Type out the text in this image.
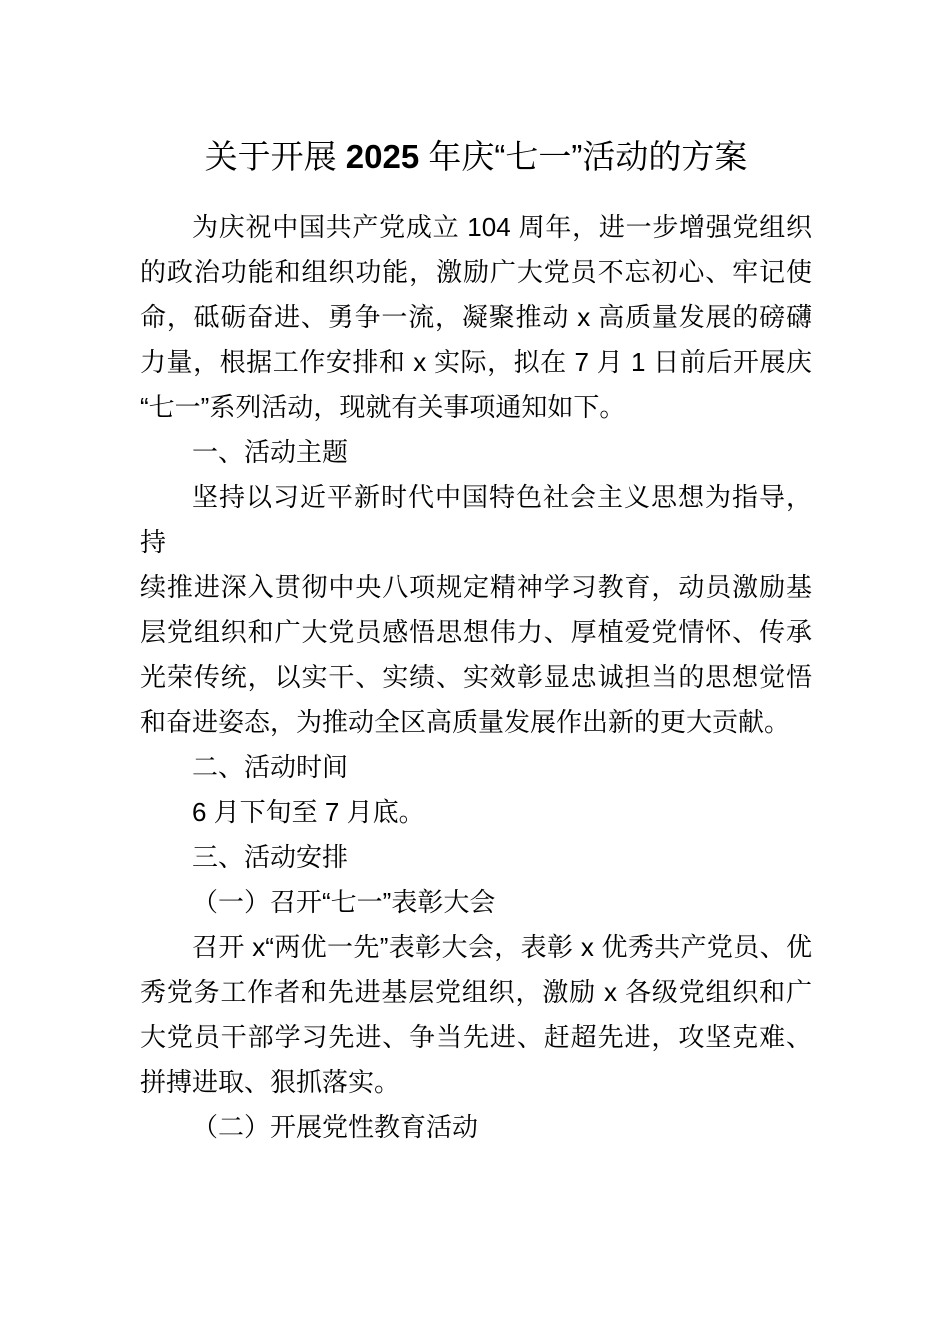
关于开展 2025 年庆“七一”活动的方案
为庆祝中国共产党成立 104 周年，进一步增强党组织
的政治功能和组织功能，激励广大党员不忘初心、牢记使
命，砥砺奋进、勇争一流，凝聚推动 x 高质量发展的磅礴
力量，根据工作安排和 x 实际，拟在 7 月 1 日前后开展庆
“七一”系列活动，现就有关事项通知如下。
一、活动主题
坚持以习近平新时代中国特色社会主义思想为指导，持
续推进深入贯彻中央八项规定精神学习教育，动员激励基
层党组织和广大党员感悟思想伟力、厚植爱党情怀、传承
光荣传统，以实干、实绩、实效彰显忠诚担当的思想觉悟
和奋进姿态，为推动全区高质量发展作出新的更大贡献。
二、活动时间
6 月下旬至 7 月底。
三、活动安排
（一）召开“七一”表彰大会
召开 x“两优一先”表彰大会，表彰 x 优秀共产党员、优
秀党务工作者和先进基层党组织，激励 x 各级党组织和广
大党员干部学习先进、争当先进、赶超先进，攻坚克难、
拼搏进取、狠抓落实。
（二）开展党性教育活动
